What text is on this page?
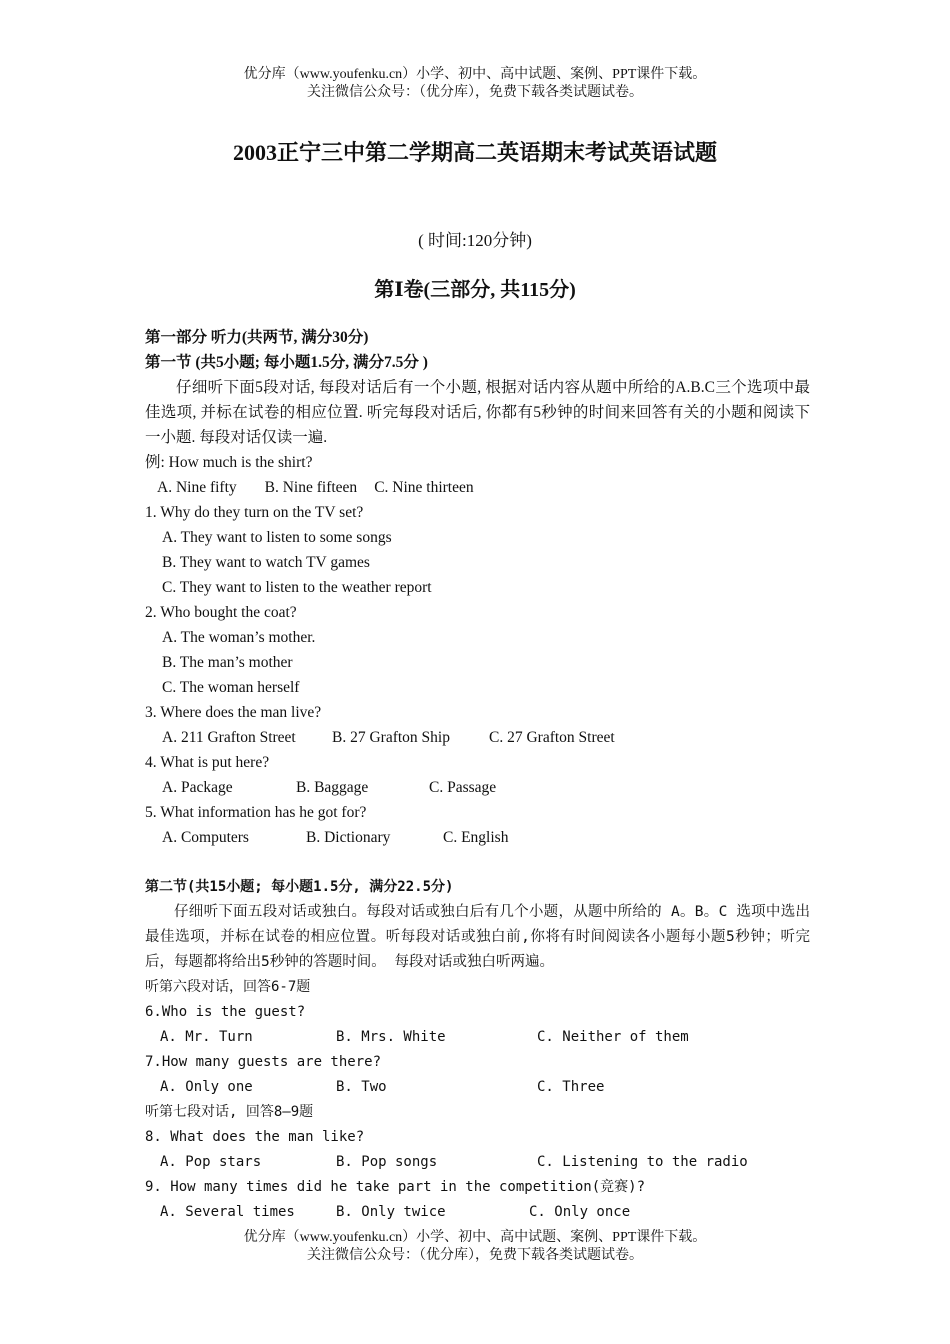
优分库（www.youfenku.cn）小学、初中、高中试题、案例、PPT课件下载。
关注微信公众号：（优分库），免费下载各类试题试卷。
2003正宁三中第二学期高二英语期末考试英语试题
( 时间:120分钟)
第Ⅰ卷(三部分, 共115分)
第一部分 听力(共两节, 满分30分)
第一节 (共5小题; 每小题1.5分, 满分7.5分 )
仔细听下面5段对话, 每段对话后有一个小题, 根据对话内容从题中所给的A.B.C三个选项中最佳选项, 并标在试卷的相应位置. 听完每段对话后, 你都有5秒钟的时间来回答有关的小题和阅读下一小题. 每段对话仅读一遍.
例: How much is the shirt?
A. Nine fifty B. Nine fifteen C. Nine thirteen
1. Why do they turn on the TV set?
A. They want to listen to some songs
B. They want to watch TV games
C. They want to listen to the weather report
2. Who bought the coat?
A. The woman’s mother.
B. The man’s mother
C. The woman herself
3. Where does the man live?
A. 211 Grafton Street	B. 27 Grafton Ship	C. 27 Grafton Street
4. What is put here?
A. Package	B. Baggage	C. Passage
5. What information has he got for?
A. Computers	B. Dictionary	C. English
第二节(共15小题; 每小题1.5分, 满分22.5分)
仔细听下面五段对话或独白。每段对话或独白后有几个小题，从题中所给的 A。B。C 选项中选出最佳选项，并标在试卷的相应位置。听每段对话或独白前,你将有时间阅读各小题每小题5秒钟；听完后，每题都将给出5秒钟的答题时间。 每段对话或独白听两遍。
听第六段对话，回答6-7题
6.Who is the guest?
A. Mr. Turn	B. Mrs. White	C. Neither of them
7.How many guests are there?
A. Only one	B. Two	C. Three
听第七段对话, 回答8—9题
8. What does the man like?
A. Pop stars	B. Pop songs	C. Listening to the radio
9. How many times did he take part in the competition(竞赛)?
A. Several times	B. Only twice	C. Only once
优分库（www.youfenku.cn）小学、初中、高中试题、案例、PPT课件下载。
关注微信公众号：（优分库），免费下载各类试题试卷。
